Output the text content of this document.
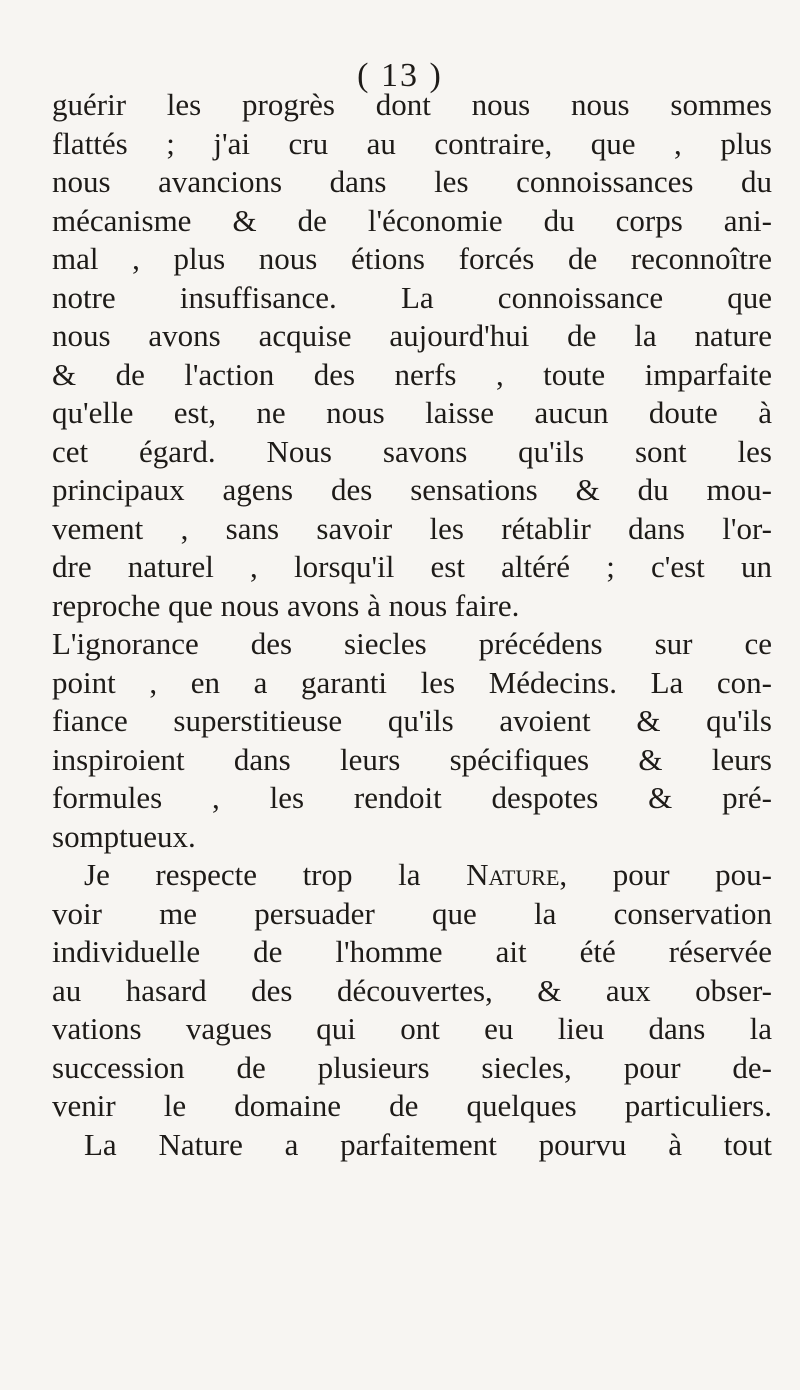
( 13 )
guérir les progrès dont nous nous sommes
flattés ; j'ai cru au contraire, que , plus
nous avancions dans les connoissances du
mécanisme & de l'économie du corps ani-
mal , plus nous étions forcés de reconnoître
notre insuffisance. La connoissance que
nous avons acquise aujourd'hui de la nature
& de l'action des nerfs , toute imparfaite
qu'elle est, ne nous laisse aucun doute à
cet égard. Nous savons qu'ils sont les
principaux agens des sensations & du mou-
vement , sans savoir les rétablir dans l'or-
dre naturel , lorsqu'il est altéré ; c'est un
reproche que nous avons à nous faire.
L'ignorance des siecles précédens sur ce
point , en a garanti les Médecins. La con-
fiance superstitieuse qu'ils avoient & qu'ils
inspiroient dans leurs spécifiques & leurs
formules , les rendoit despotes & pré-
somptueux.
Je respecte trop la Nature, pour pou-
voir me persuader que la conservation
individuelle de l'homme ait été réservée
au hasard des découvertes, & aux obser-
vations vagues qui ont eu lieu dans la
succession de plusieurs siecles, pour de-
venir le domaine de quelques particuliers.
La Nature a parfaitement pourvu à tout
